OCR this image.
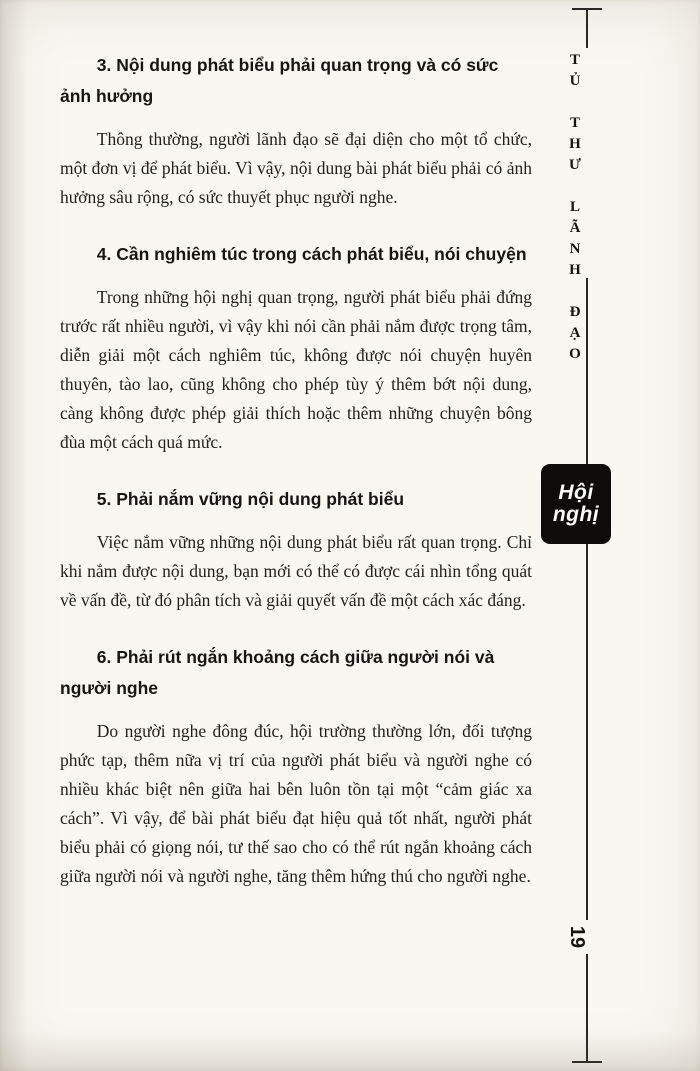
3. Nội dung phát biểu phải quan trọng và có sức ảnh hưởng

Thông thường, người lãnh đạo sẽ đại diện cho một tổ chức, một đơn vị để phát biểu. Vì vậy, nội dung bài phát biểu phải có ảnh hưởng sâu rộng, có sức thuyết phục người nghe.

4. Cần nghiêm túc trong cách phát biểu, nói chuyện

Trong những hội nghị quan trọng, người phát biểu phải đứng trước rất nhiều người, vì vậy khi nói cần phải nắm được trọng tâm, diễn giải một cách nghiêm túc, không được nói chuyện huyên thuyên, tào lao, cũng không cho phép tùy ý thêm bớt nội dung, càng không được phép giải thích hoặc thêm những chuyện bông đùa một cách quá mức.

5. Phải nắm vững nội dung phát biểu

Việc nắm vững những nội dung phát biểu rất quan trọng. Chỉ khi nắm được nội dung, bạn mới có thể có được cái nhìn tổng quát về vấn đề, từ đó phân tích và giải quyết vấn đề một cách xác đáng.

6. Phải rút ngắn khoảng cách giữa người nói và người nghe

Do người nghe đông đúc, hội trường thường lớn, đối tượng phức tạp, thêm nữa vị trí của người phát biểu và người nghe có nhiều khác biệt nên giữa hai bên luôn tồn tại một “cảm giác xa cách”. Vì vậy, để bài phát biểu đạt hiệu quả tốt nhất, người phát biểu phải có giọng nói, tư thế sao cho có thể rút ngắn khoảng cách giữa người nói và người nghe, tăng thêm hứng thú cho người nghe.

TỦ THƯ LÃNH ĐẠO
Hội
nghị
19
